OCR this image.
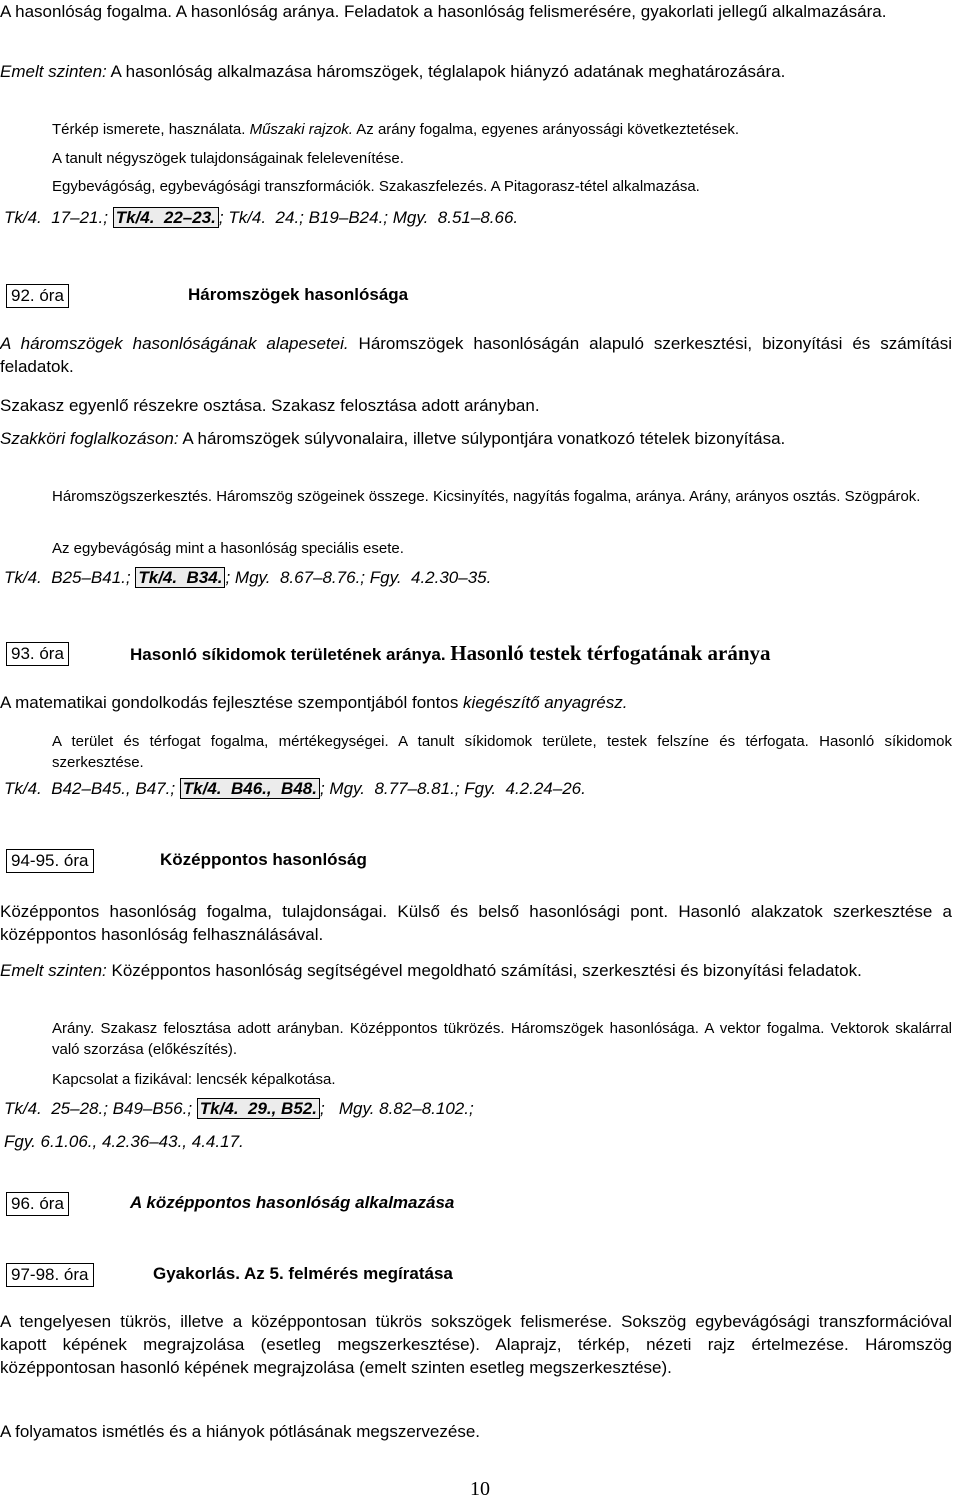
A hasonlóság fogalma. A hasonlóság aránya. Feladatok a hasonlóság felismerésére, gyakorlati jellegű alkalmazására.
Emelt szinten: A hasonlóság alkalmazása háromszögek, téglalapok hiányzó adatának meghatározására.
Térkép ismerete, használata. Műszaki rajzok. Az arány fogalma, egyenes arányossági következtetések.
A tanult négyszögek tulajdonságainak felelevenítése.
Egybevágóság, egybevágósági transzformációk. Szakaszfelezés. A Pitagorasz-tétel alkalmazása.
Tk/4.  17–21.; Tk/4.  22–23. ; Tk/4.  24.; B19–B24.; Mgy.  8.51–8.66.
92. óra	Háromszögek hasonlósága
A háromszögek hasonlóságának alapesetei. Háromszögek hasonlóságán alapuló szerkesztési, bizonyítási és számítási feladatok.
Szakasz egyenlő részekre osztása. Szakasz felosztása adott arányban.
Szakköri foglalkozáson: A háromszögek súlyvonalaira, illetve súlypontjára vonatkozó tételek bizonyítása.
Háromszögszerkesztés. Háromszög szögeinek összege. Kicsinyítés, nagyítás fogalma, aránya. Arány, arányos osztás. Szögpárok.
Az egybevágóság mint a hasonlóság speciális esete.
Tk/4.  B25–B41.; Tk/4.  B34. ; Mgy.  8.67–8.76.; Fgy.  4.2.30–35.
93. óra	Hasonló síkidomok területének aránya. Hasonló testek térfogatának aránya
A matematikai gondolkodás fejlesztése szempontjából fontos kiegészítő anyagrész.
A terület és térfogat fogalma, mértékegységei. A tanult síkidomok területe, testek felszíne és térfogata. Hasonló síkidomok szerkesztése.
Tk/4.  B42–B45., B47.; Tk/4.  B46.,  B48. ; Mgy.  8.77–8.81.; Fgy.  4.2.24–26.
94-95. óra	Középpontos hasonlóság
Középpontos hasonlóság fogalma, tulajdonságai. Külső és belső hasonlósági pont. Hasonló alakzatok szerkesztése a középpontos hasonlóság felhasználásával.
Emelt szinten: Középpontos hasonlóság segítségével megoldható számítási, szerkesztési és bizonyítási feladatok.
Arány. Szakasz felosztása adott arányban. Középpontos tükrözés. Háromszögek hasonlósága. A vektor fogalma. Vektorok skalárral való szorzása (előkészítés).
Kapcsolat a fizikával: lencsék képalkotása.
Tk/4.  25–28.; B49–B56.; Tk/4.  29., B52. ;   Mgy. 8.82–8.102.;
Fgy. 6.1.06., 4.2.36–43., 4.4.17.
96. óra	A középpontos hasonlóság alkalmazása
97-98. óra	Gyakorlás. Az 5. felmérés megíratása
A tengelyesen tükrös, illetve a középpontosan tükrös sokszögek felismerése. Sokszög egybevágósági transzformációval kapott képének megrajzolása (esetleg megszerkesztése). Alaprajz, térkép, nézeti rajz értelmezése. Háromszög középpontosan hasonló képének megrajzolása (emelt szinten esetleg megszerkesztése).
A folyamatos ismétlés és a hiányok pótlásának megszervezése.
10
